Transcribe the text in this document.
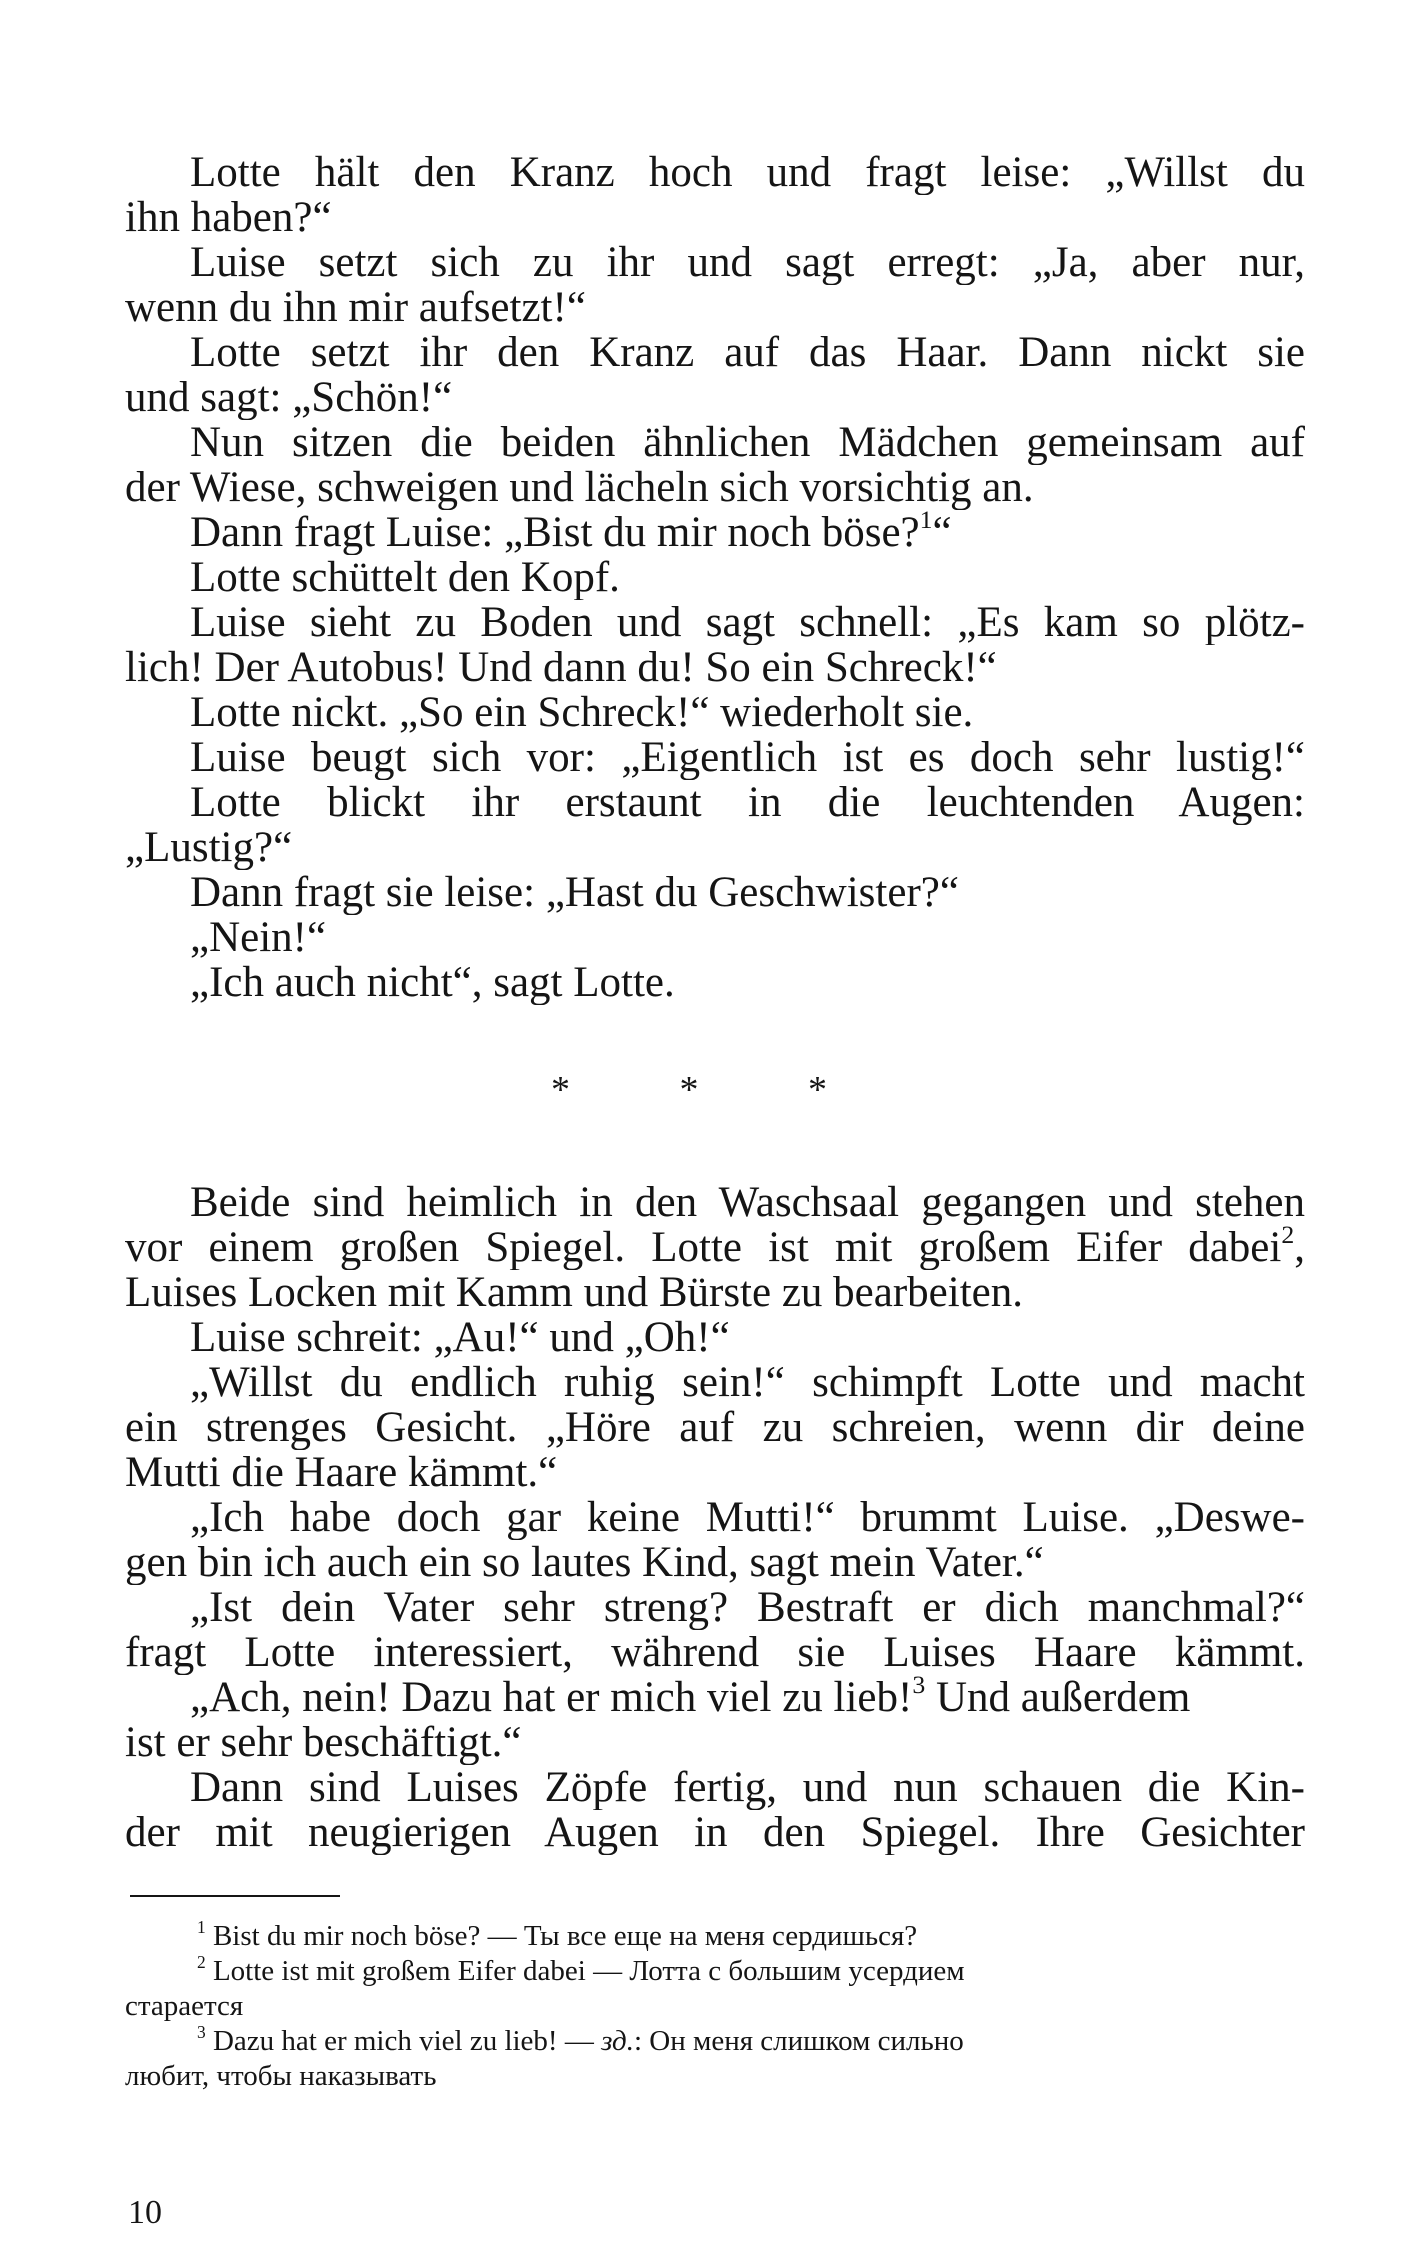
Lotte hält den Kranz hoch und fragt leise: „Willst du
ihn haben?“
Luise setzt sich zu ihr und sagt erregt: „Ja, aber nur,
wenn du ihn mir aufsetzt!“
Lotte setzt ihr den Kranz auf das Haar. Dann nickt sie
und sagt: „Schön!“
Nun sitzen die beiden ähnlichen Mädchen gemeinsam auf
der Wiese, schweigen und lächeln sich vorsichtig an.
Dann fragt Luise: „Bist du mir noch böse?$^1$“
Lotte schüttelt den Kopf.
Luise sieht zu Boden und sagt schnell: „Es kam so plötz-
lich! Der Autobus! Und dann du! So ein Schreck!“
Lotte nickt. „So ein Schreck!“ wiederholt sie.
Luise beugt sich vor: „Eigentlich ist es doch sehr lustig!“
Lotte blickt ihr erstaunt in die leuchtenden Augen:
„Lustig?“
Dann fragt sie leise: „Hast du Geschwister?“
„Nein!“
„Ich auch nicht“, sagt Lotte.
Beide sind heimlich in den Waschsaal gegangen und stehen
vor einem großen Spiegel. Lotte ist mit großem Eifer dabei$^2$,
Luises Locken mit Kamm und Bürste zu bearbeiten.
Luise schreit: „Au!“ und „Oh!“
„Willst du endlich ruhig sein!“ schimpft Lotte und macht
ein strenges Gesicht. „Höre auf zu schreien, wenn dir deine
Mutti die Haare kämmt.“
„Ich habe doch gar keine Mutti!“ brummt Luise. „Deswe-
gen bin ich auch ein so lautes Kind, sagt mein Vater.“
„Ist dein Vater sehr streng? Bestraft er dich manchmal?“
fragt Lotte interessiert, während sie Luises Haare kämmt.
„Ach, nein! Dazu hat er mich viel zu lieb!$^3$ Und außerdem
ist er sehr beschäftigt.“
Dann sind Luises Zöpfe fertig, und nun schauen die Kin-
der mit neugierigen Augen in den Spiegel. Ihre Gesichter
$^1$ Bist du mir noch böse? — Ты все еще на меня сердишься?
$^2$ Lotte ist mit großem Eifer dabei — Лотта с большим усердием
старается
$^3$ Dazu hat er mich viel zu lieb! — зд.: Он меня слишком сильно
любит, чтобы наказывать
* * *
10
